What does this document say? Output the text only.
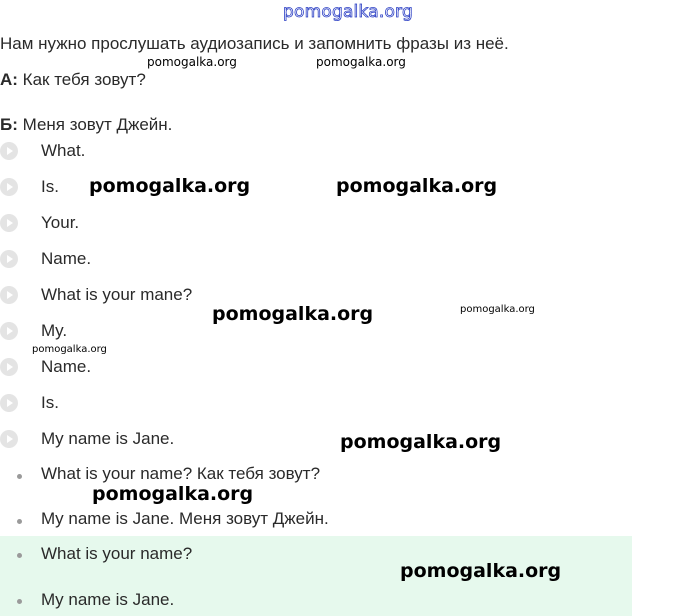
pomogalka.org
Нам нужно прослушать аудиозапись и запомнить фразы из неё.
А: Как тебя зовут?
Б: Меня зовут Джейн.
What.
Is.
Your.
Name.
What is your mane?
My.
Name.
Is.
My name is Jane.
What is your name? Как тебя зовут?
My name is Jane. Меня зовут Джейн.
What is your name?
My name is Jane.
pomogalka.org	pomogalka.org
pomogalka.org	pomogalka.org
pomogalka.org	pomogalka.org
pomogalka.org
pomogalka.org
pomogalka.org
pomogalka.org
